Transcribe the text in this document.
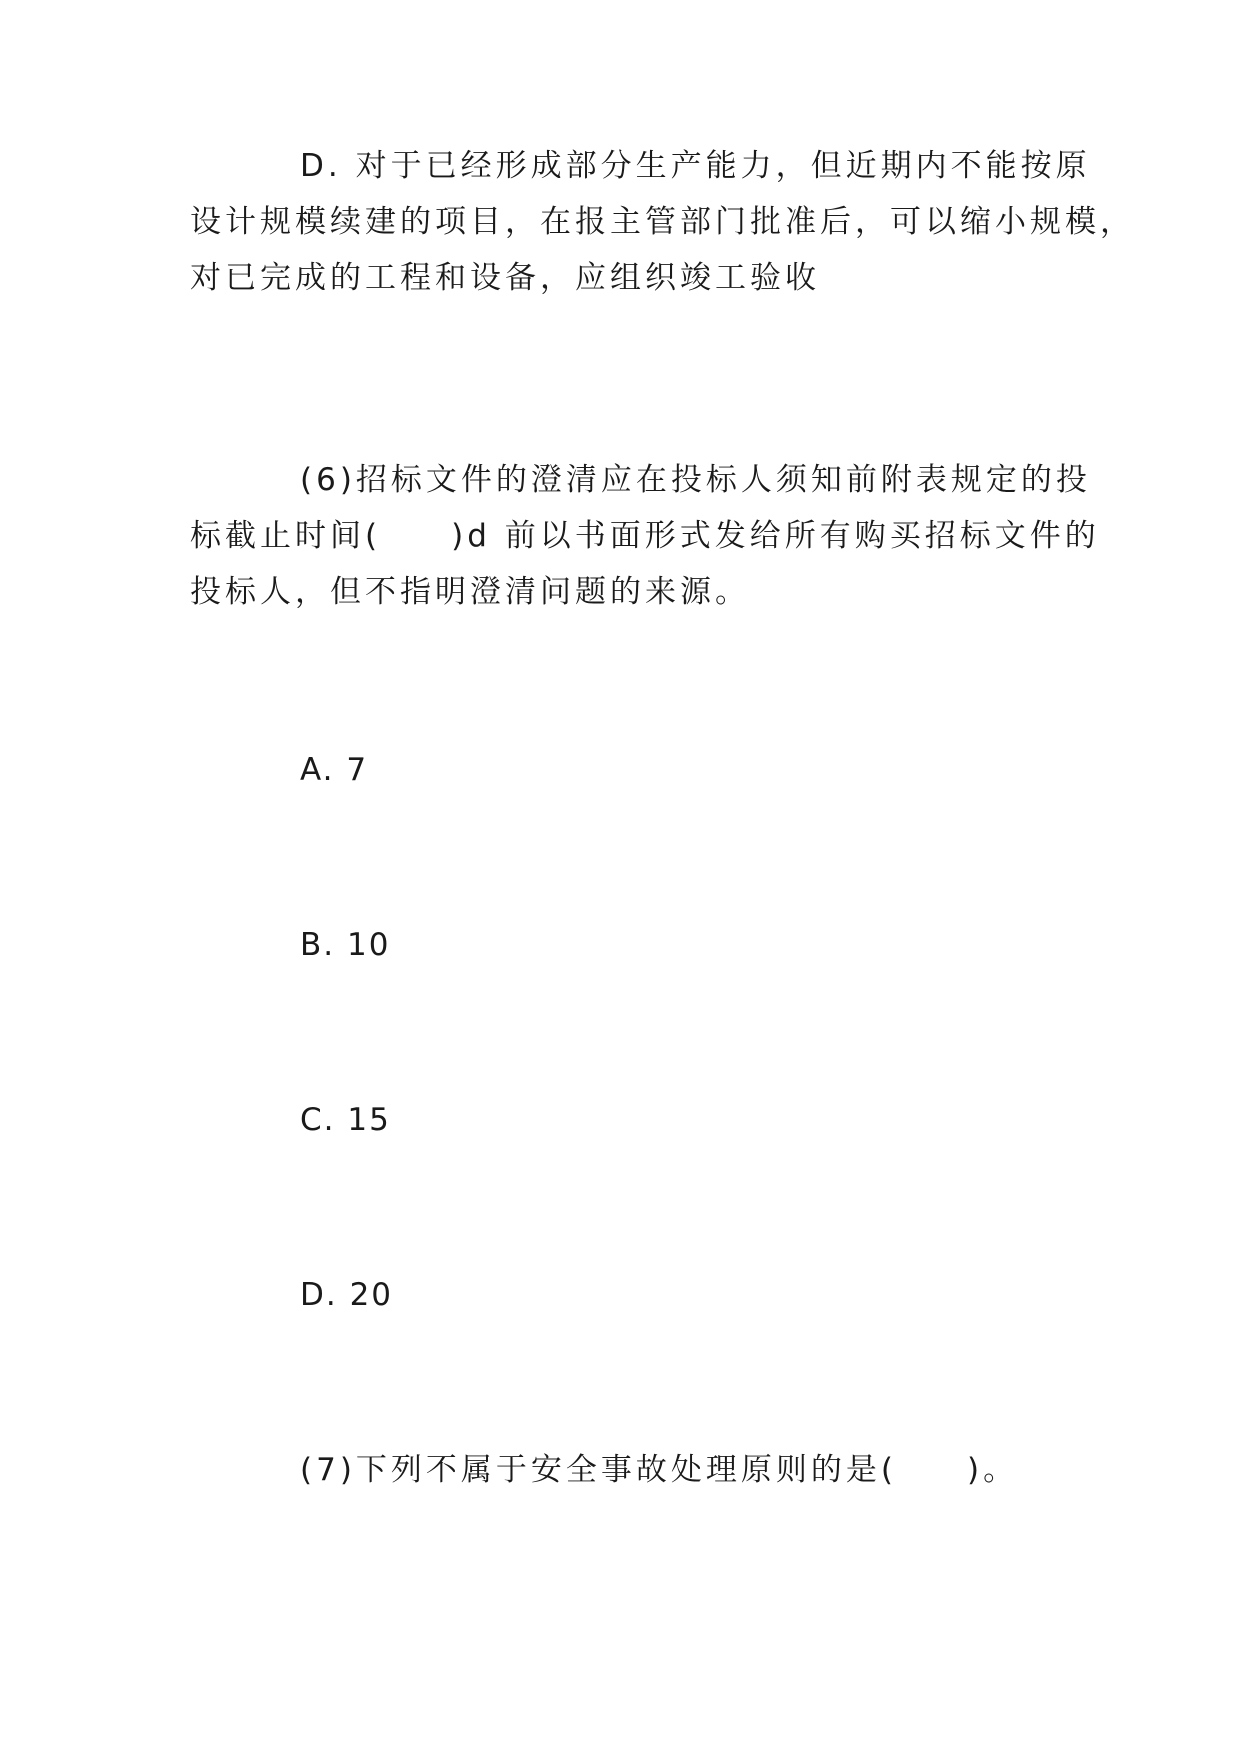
D. 对于已经形成部分生产能力，但近期内不能按原
设计规模续建的项目，在报主管部门批准后，可以缩小规模，
对已完成的工程和设备，应组织竣工验收
(6)招标文件的澄清应在投标人须知前附表规定的投
标截止时间(　　)d 前以书面形式发给所有购买招标文件的
投标人，但不指明澄清问题的来源。
A. 7
B. 10
C. 15
D. 20
(7)下列不属于安全事故处理原则的是(　　)。
